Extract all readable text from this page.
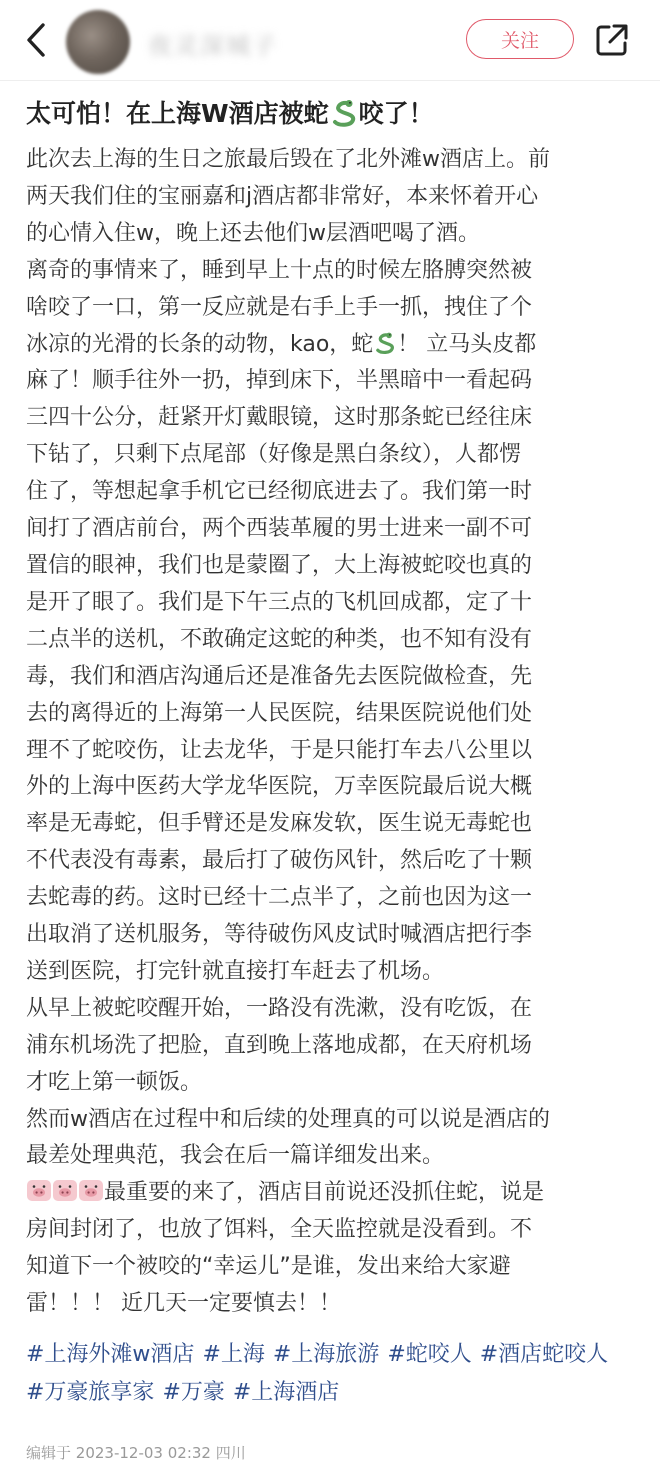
夜灵深城子	关注
太可怕！在上海W酒店被蛇 咬了！

此次去上海的生日之旅最后毁在了北外滩w酒店上。前
两天我们住的宝丽嘉和j酒店都非常好，本来怀着开心
的心情入住w，晚上还去他们w层酒吧喝了酒。

离奇的事情来了，睡到早上十点的时候左胳膊突然被
啥咬了一口，第一反应就是右手上手一抓，拽住了个
冰凉的光滑的长条的动物，kao，蛇 ！ 立马头皮都
麻了！顺手往外一扔，掉到床下，半黑暗中一看起码
三四十公分，赶紧开灯戴眼镜，这时那条蛇已经往床
下钻了，只剩下点尾部（好像是黑白条纹），人都愣
住了，等想起拿手机它已经彻底进去了。我们第一时
间打了酒店前台，两个西装革履的男士进来一副不可
置信的眼神，我们也是蒙圈了，大上海被蛇咬也真的
是开了眼了。我们是下午三点的飞机回成都，定了十
二点半的送机，不敢确定这蛇的种类，也不知有没有
毒，我们和酒店沟通后还是准备先去医院做检查，先
去的离得近的上海第一人民医院，结果医院说他们处
理不了蛇咬伤，让去龙华，于是只能打车去八公里以
外的上海中医药大学龙华医院，万幸医院最后说大概
率是无毒蛇，但手臂还是发麻发软，医生说无毒蛇也
不代表没有毒素，最后打了破伤风针，然后吃了十颗
去蛇毒的药。这时已经十二点半了，之前也因为这一
出取消了送机服务，等待破伤风皮试时喊酒店把行李
送到医院，打完针就直接打车赶去了机场。

从早上被蛇咬醒开始，一路没有洗漱，没有吃饭，在
浦东机场洗了把脸，直到晚上落地成都，在天府机场
才吃上第一顿饭。

然而w酒店在过程中和后续的处理真的可以说是酒店的
最差处理典范，我会在后一篇详细发出来。

最重要的来了，酒店目前说还没抓住蛇，说是
房间封闭了，也放了饵料，全天监控就是没看到。不
知道下一个被咬的“幸运儿”是谁，发出来给大家避
雷！！！ 近几天一定要慎去！！

#上海外滩w酒店 #上海 #上海旅游 #蛇咬人 #酒店蛇咬人#万豪旅享家 #万豪 #上海酒店
编辑于 2023-12-03 02:32 四川
